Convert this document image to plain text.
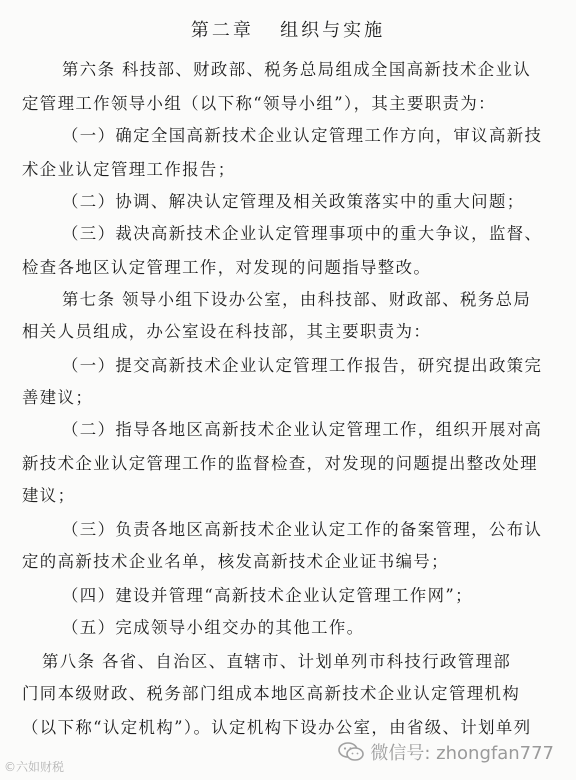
第二章   组织与实施
第六条 科技部、财政部、税务总局组成全国高新技术企业认
定管理工作领导小组（以下称“领导小组”），其主要职责为：
（一）确定全国高新技术企业认定管理工作方向，审议高新技
术企业认定管理工作报告；
（二）协调、解决认定管理及相关政策落实中的重大问题；
（三）裁决高新技术企业认定管理事项中的重大争议，监督、
检查各地区认定管理工作，对发现的问题指导整改。
第七条 领导小组下设办公室，由科技部、财政部、税务总局
相关人员组成，办公室设在科技部，其主要职责为：
（一）提交高新技术企业认定管理工作报告，研究提出政策完
善建议；
（二）指导各地区高新技术企业认定管理工作，组织开展对高
新技术企业认定管理工作的监督检查，对发现的问题提出整改处理
建议；
（三）负责各地区高新技术企业认定工作的备案管理，公布认
定的高新技术企业名单，核发高新技术企业证书编号；
（四）建设并管理“高新技术企业认定管理工作网”；
（五）完成领导小组交办的其他工作。
第八条 各省、自治区、直辖市、计划单列市科技行政管理部
门同本级财政、税务部门组成本地区高新技术企业认定管理机构
（以下称“认定机构”）。认定机构下设办公室，由省级、计划单列
微信号: zhongfan777
©六如财税
